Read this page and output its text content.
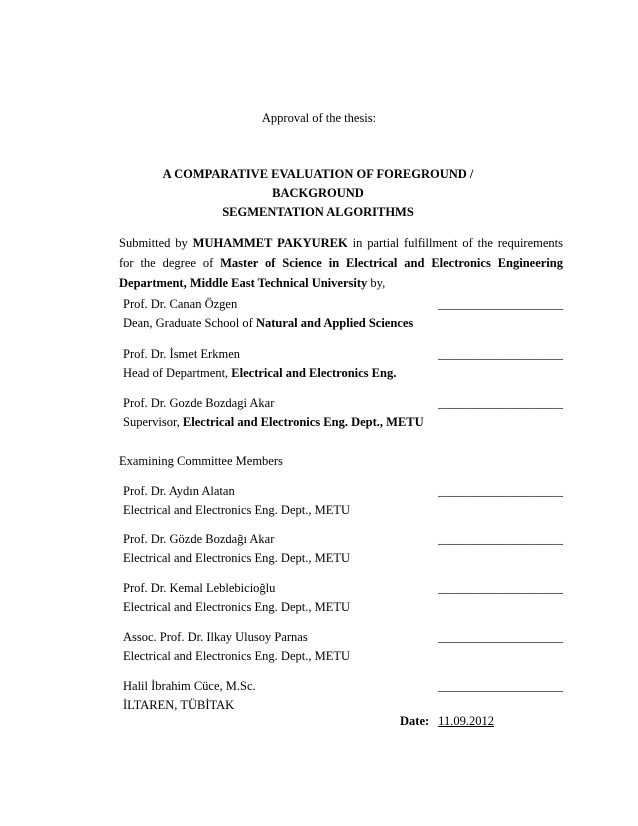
Approval of the thesis:
A COMPARATIVE EVALUATION OF FOREGROUND / BACKGROUND
SEGMENTATION ALGORITHMS
Submitted by MUHAMMET PAKYUREK in partial fulfillment of the requirements
for the degree of Master of Science in Electrical and Electronics Engineering
Department, Middle East Technical University by,
Prof. Dr. Canan Özgen
Dean, Graduate School of Natural and Applied Sciences
____________________
Prof. Dr. İsmet Erkmen
Head of Department, Electrical and Electronics Eng.
____________________
Prof. Dr. Gozde Bozdagi Akar
Supervisor, Electrical and Electronics Eng. Dept., METU
____________________
Examining Committee Members
Prof. Dr. Aydın Alatan
Electrical and Electronics Eng. Dept., METU
____________________
Prof. Dr. Gözde Bozdağı Akar
Electrical and Electronics Eng. Dept., METU
____________________
Prof. Dr. Kemal Leblebicioğlu
Electrical and Electronics Eng. Dept., METU
____________________
Assoc. Prof. Dr. Ilkay Ulusoy Parnas
Electrical and Electronics Eng. Dept., METU
____________________
Halil İbrahim Cüce, M.Sc.
İLTAREN, TÜBİTAK
____________________
Date: 11.09.2012
